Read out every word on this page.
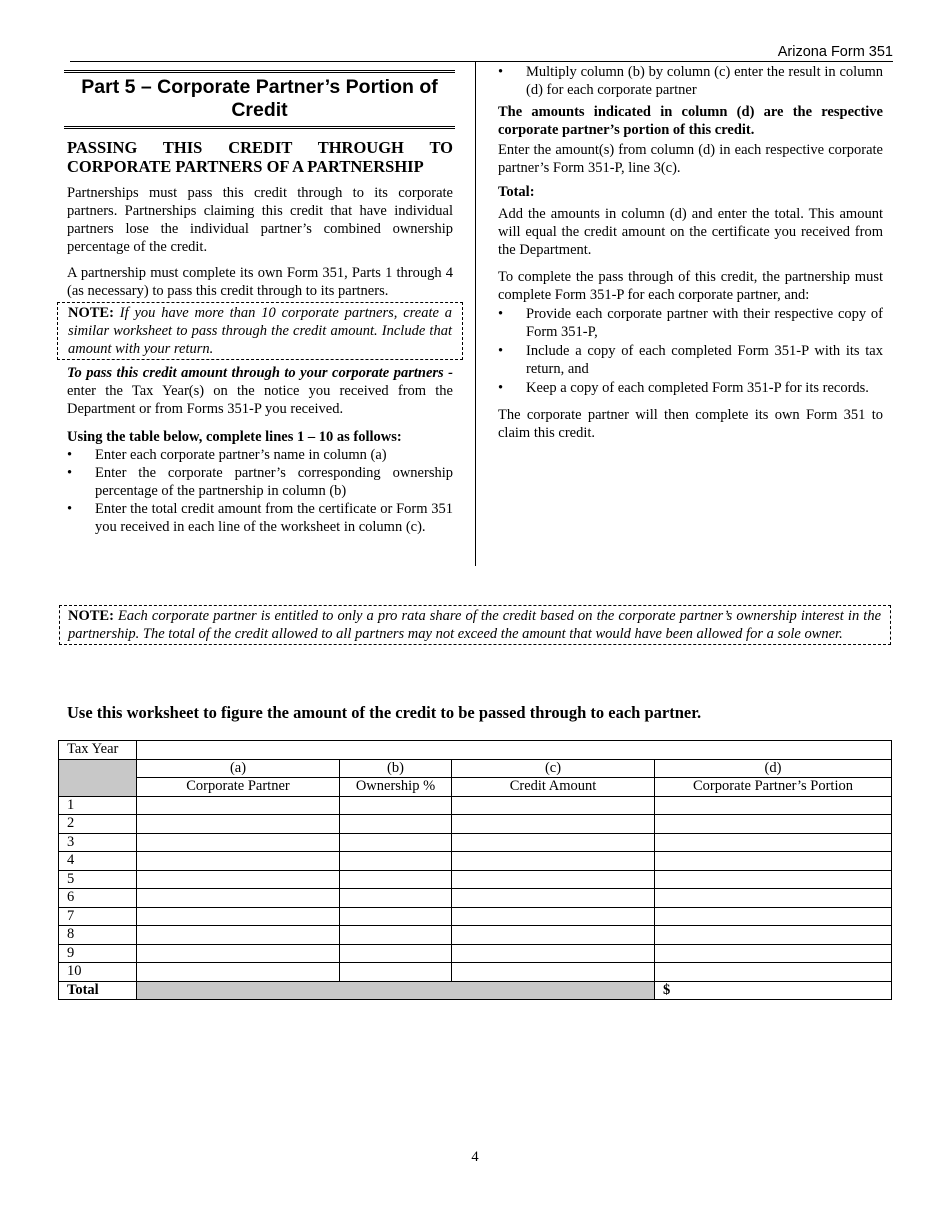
Arizona Form 351
Part 5 – Corporate Partner’s Portion of Credit
PASSING THIS CREDIT THROUGH TO
CORPORATE PARTNERS OF A PARTNERSHIP

Partnerships must pass this credit through to its corporate partners. Partnerships claiming this credit that have individual partners lose the individual partner’s combined ownership percentage of the credit.

A partnership must complete its own Form 351, Parts 1 through 4 (as necessary) to pass this credit through to its partners.

NOTE: If you have more than 10 corporate partners, create a similar worksheet to pass through the credit amount. Include that amount with your return.

To pass this credit amount through to your corporate partners - enter the Tax Year(s) on the notice you received from the Department or from Forms 351-P you received.

Using the table below, complete lines 1 – 10 as follows:

• Enter each corporate partner’s name in column (a)
• Enter the corporate partner’s corresponding ownership percentage of the partnership in column (b)
• Enter the total credit amount from the certificate or Form 351 you received in each line of the worksheet in column (c).
• Multiply column (b) by column (c) enter the result in column (d) for each corporate partner

The amounts indicated in column (d) are the respective corporate partner’s portion of this credit.

Enter the amount(s) from column (d) in each respective corporate partner’s Form 351-P, line 3(c).

Total:

Add the amounts in column (d) and enter the total. This amount will equal the credit amount on the certificate you received from the Department.

To complete the pass through of this credit, the partnership must complete Form 351-P for each corporate partner, and:

• Provide each corporate partner with their respective copy of Form 351-P,
• Include a copy of each completed Form 351-P with its tax return, and
• Keep a copy of each completed Form 351-P for its records.

The corporate partner will then complete its own Form 351 to claim this credit.

NOTE: Each corporate partner is entitled to only a pro rata share of the credit based on the corporate partner’s ownership interest in the partnership. The total of the credit allowed to all partners may not exceed the amount that would have been allowed for a sole owner.
Use this worksheet to figure the amount of the credit to be passed through to each partner.
Tax Year				
	(a)	(b)	(c)	(d)
	Corporate Partner	Ownership %	Credit Amount	Corporate Partner’s Portion
1				
2				
3				
4				
5				
6				
7				
8				
9				
10				
Total				$
4
